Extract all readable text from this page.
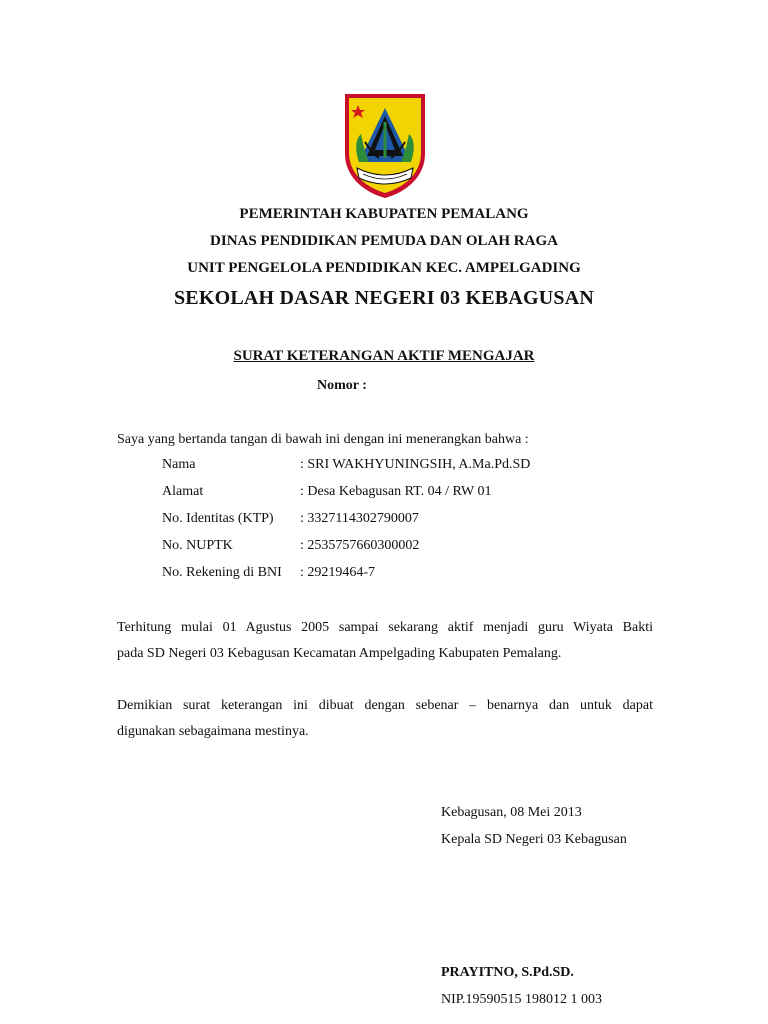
PEMERINTAH KABUPATEN PEMALANG
DINAS PENDIDIKAN PEMUDA DAN OLAH RAGA
UNIT PENGELOLA PENDIDIKAN KEC. AMPELGADING
SEKOLAH DASAR NEGERI 03 KEBAGUSAN
SURAT KETERANGAN AKTIF MENGAJAR
Nomor :
Saya yang bertanda tangan di bawah ini dengan ini menerangkan bahwa :
Nama	: SRI WAKHYUNINGSIH, A.Ma.Pd.SD
Alamat	: Desa Kebagusan RT. 04 / RW 01
No. Identitas (KTP) : 3327114302790007
No. NUPTK	: 2535757660300002
No. Rekening di BNI : 29219464-7
Terhitung mulai 01 Agustus 2005 sampai sekarang aktif menjadi guru Wiyata Bakti
pada SD Negeri 03 Kebagusan Kecamatan Ampelgading Kabupaten Pemalang.
Demikian surat keterangan ini dibuat dengan sebenar – benarnya dan untuk dapat
digunakan sebagaimana mestinya.
Kebagusan, 08 Mei 2013
Kepala SD Negeri 03 Kebagusan
PRAYITNO, S.Pd.SD.
NIP.19590515 198012 1 003
